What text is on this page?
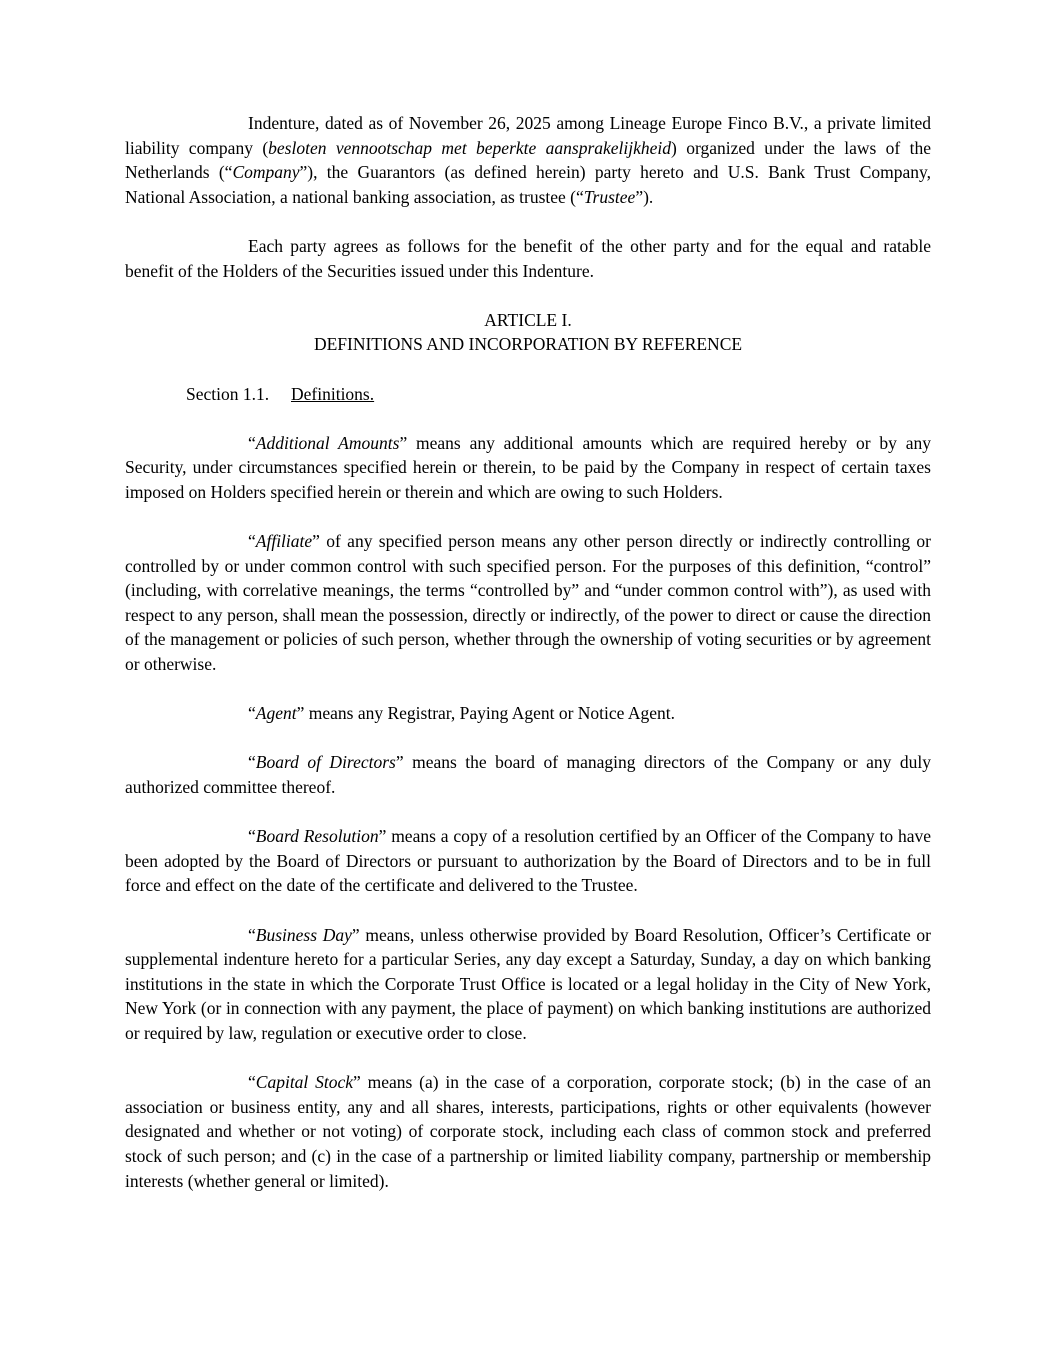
Indenture, dated as of November 26, 2025 among Lineage Europe Finco B.V., a private limited liability company (besloten vennootschap met beperkte aansprakelijkheid) organized under the laws of the Netherlands (“Company”), the Guarantors (as defined herein) party hereto and U.S. Bank Trust Company, National Association, a national banking association, as trustee (“Trustee”).

Each party agrees as follows for the benefit of the other party and for the equal and ratable benefit of the Holders of the Securities issued under this Indenture.

ARTICLE I.
DEFINITIONS AND INCORPORATION BY REFERENCE

Section 1.1. Definitions.

“Additional Amounts” means any additional amounts which are required hereby or by any Security, under circumstances specified herein or therein, to be paid by the Company in respect of certain taxes imposed on Holders specified herein or therein and which are owing to such Holders.

“Affiliate” of any specified person means any other person directly or indirectly controlling or controlled by or under common control with such specified person. For the purposes of this definition, “control” (including, with correlative meanings, the terms “controlled by” and “under common control with”), as used with respect to any person, shall mean the possession, directly or indirectly, of the power to direct or cause the direction of the management or policies of such person, whether through the ownership of voting securities or by agreement or otherwise.

“Agent” means any Registrar, Paying Agent or Notice Agent.

“Board of Directors” means the board of managing directors of the Company or any duly authorized committee thereof.

“Board Resolution” means a copy of a resolution certified by an Officer of the Company to have been adopted by the Board of Directors or pursuant to authorization by the Board of Directors and to be in full force and effect on the date of the certificate and delivered to the Trustee.

“Business Day” means, unless otherwise provided by Board Resolution, Officer’s Certificate or supplemental indenture hereto for a particular Series, any day except a Saturday, Sunday, a day on which banking institutions in the state in which the Corporate Trust Office is located or a legal holiday in the City of New York, New York (or in connection with any payment, the place of payment) on which banking institutions are authorized or required by law, regulation or executive order to close.

“Capital Stock” means (a) in the case of a corporation, corporate stock; (b) in the case of an association or business entity, any and all shares, interests, participations, rights or other equivalents (however designated and whether or not voting) of corporate stock, including each class of common stock and preferred stock of such person; and (c) in the case of a partnership or limited liability company, partnership or membership interests (whether general or limited).
